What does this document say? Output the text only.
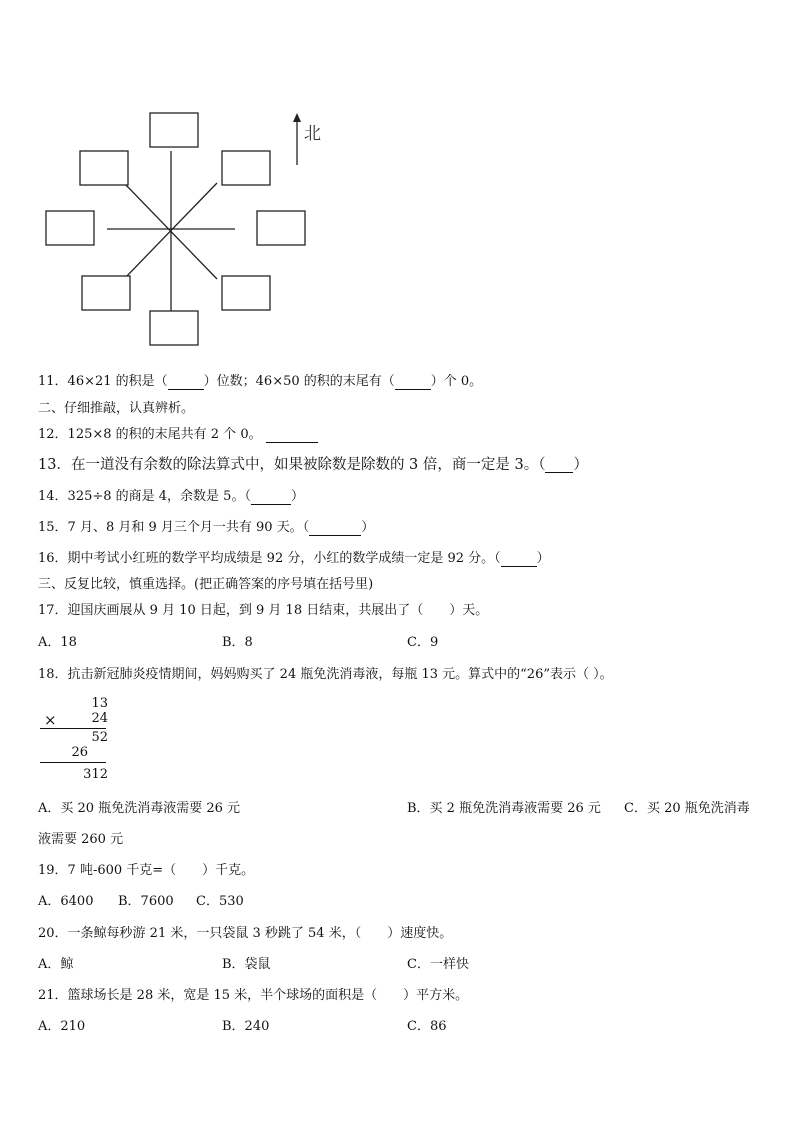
北
11．46×21 的积是（	）位数；46×50 的积的末尾有（	）个 0。
二、仔细推敲，认真辨析。
12．125×8 的积的末尾共有 2 个 0。
13．在一道没有余数的除法算式中，如果被除数是除数的 3 倍，商一定是 3。（ ）
14．325÷8 的商是 4，余数是 5。（	）
15．7 月、8 月和 9 月三个月一共有 90 天。（	）
16．期中考试小红班的数学平均成绩是 92 分，小红的数学成绩一定是 92 分。（	）
三、反复比较，慎重选择。(把正确答案的序号填在括号里)
17．迎国庆画展从 9 月 10 日起，到 9 月 18 日结束，共展出了（　　）天。
A．18	B．8	C．9
18．抗击新冠肺炎疫情期间，妈妈购买了 24 瓶免洗消毒液，每瓶 13 元。算式中的“26”表示（ ）。
13
×	24
52
26
312
A．买 20 瓶免洗消毒液需要 26 元	B．买 2 瓶免洗消毒液需要 26 元 C．买 20 瓶免洗消毒
液需要 260 元
19．7 吨-600 千克=（　　）千克。
A．6400 B．7600 C．530
20．一条鲸每秒游 21 米，一只袋鼠 3 秒跳了 54 米，（　　）速度快。
A．鲸	B．袋鼠	C．一样快
21．篮球场长是 28 米，宽是 15 米，半个球场的面积是（　　）平方米。
A．210	B．240	C．86
